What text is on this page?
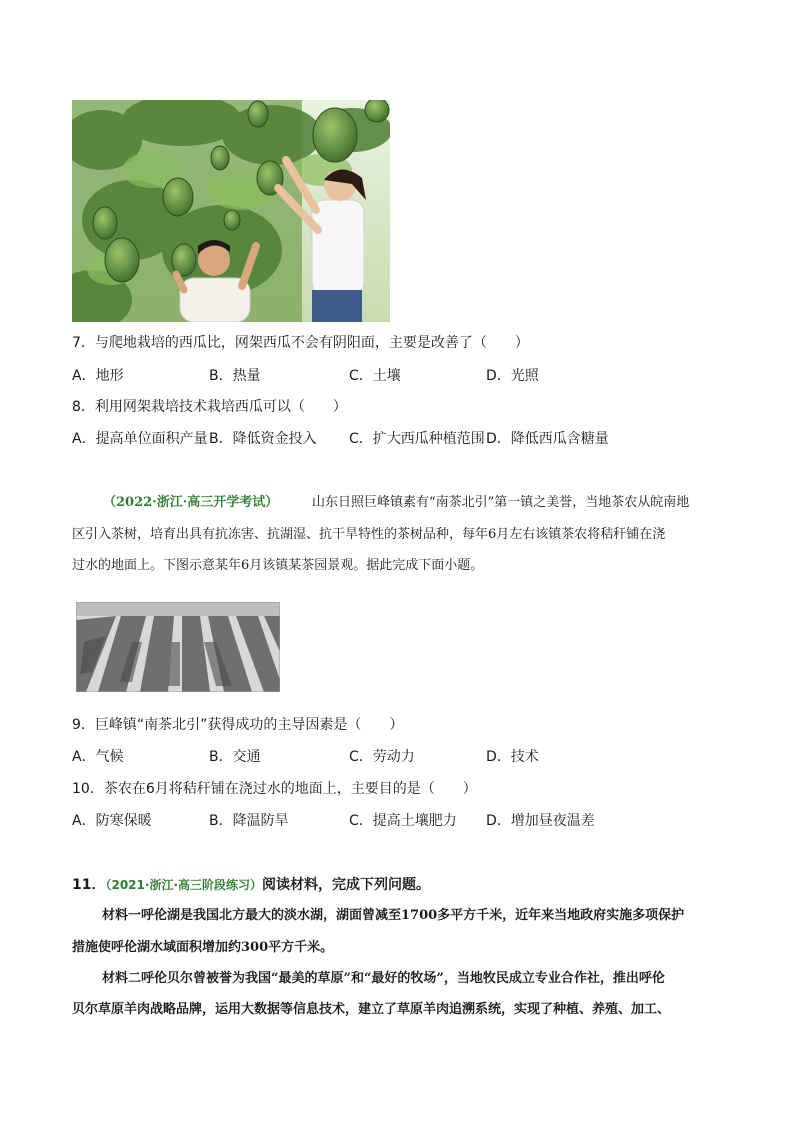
7．与爬地栽培的西瓜比，网架西瓜不会有阴阳面，主要是改善了（　　）
A．地形	B．热量	C．土壤	D．光照
8．利用网架栽培技术栽培西瓜可以（　　）
A．提高单位面积产量 B．降低资金投入 C．扩大西瓜种植范围 D．降低西瓜含糖量
（2022·浙江·高三开学考试）	山东日照巨峰镇素有“南茶北引”第一镇之美誉，当地茶农从皖南地
区引入茶树，培育出具有抗冻害、抗湖湿、抗干旱特性的茶树品种，每年6月左右该镇茶农将秸秆铺在浇
过水的地面上。下图示意某年6月该镇某茶园景观。据此完成下面小题。
9．巨峰镇“南茶北引”获得成功的主导因素是（　　）
A．气候	B．交通	C．劳动力	D．技术
10．茶农在6月将秸秆铺在浇过水的地面上，主要目的是（　　）
A．防寒保暖	B．降温防旱	C．提高土壤肥力 D．增加昼夜温差
11．（2021·浙江·高三阶段练习）阅读材料，完成下列问题。
材料一呼伦湖是我国北方最大的淡水湖，湖面曾减至1700多平方千米，近年来当地政府实施多项保护
措施使呼伦湖水域面积增加约300平方千米。
材料二呼伦贝尔曾被誉为我国“最美的草原”和“最好的牧场”，当地牧民成立专业合作社，推出呼伦
贝尔草原羊肉战略品牌，运用大数据等信息技术，建立了草原羊肉追溯系统，实现了种植、养殖、加工、
